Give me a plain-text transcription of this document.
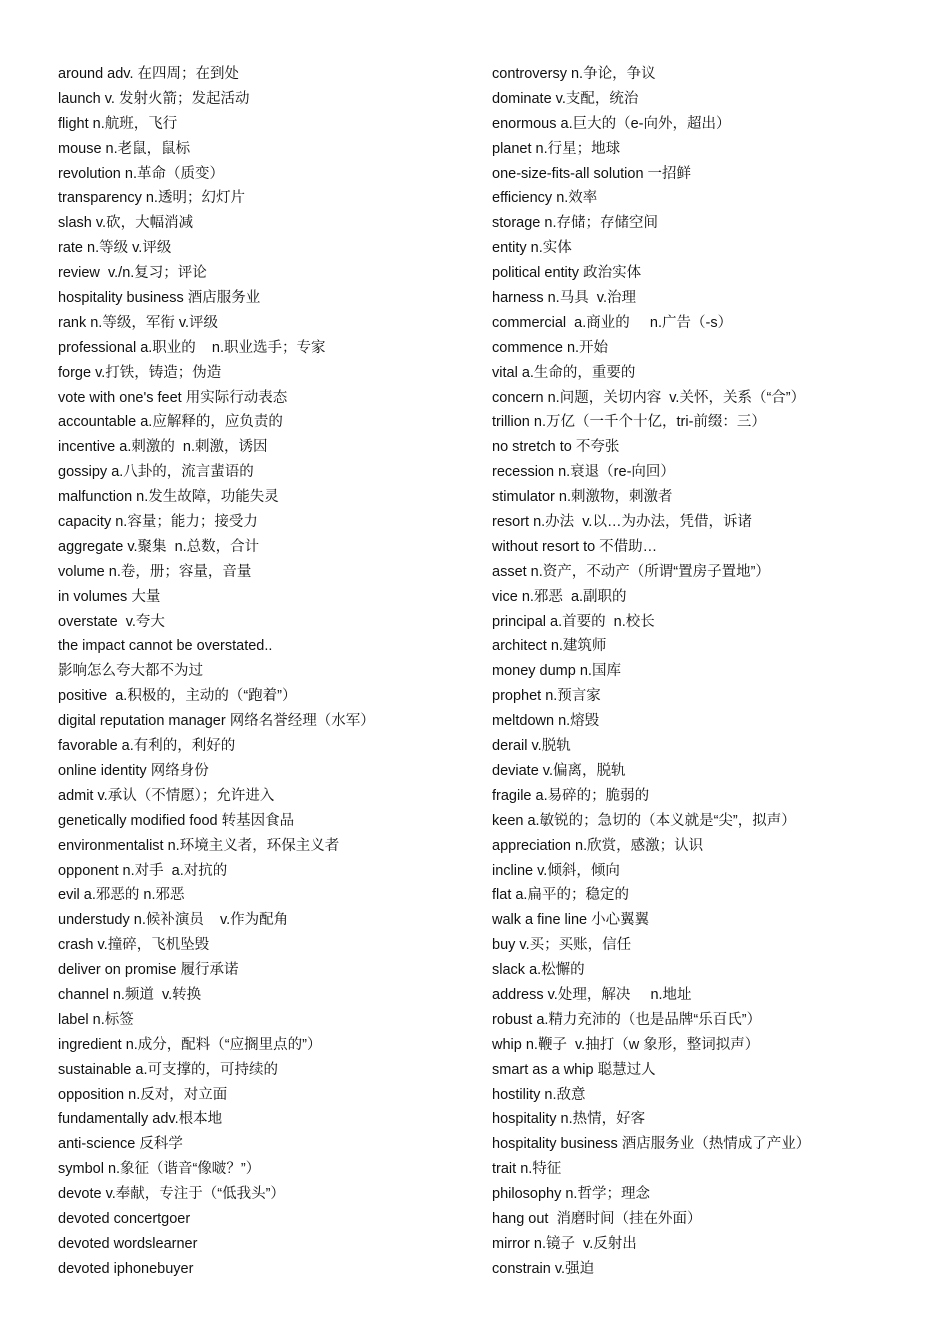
around adv. 在四周；在到处
launch v. 发射火箭；发起活动
flight n.航班，飞行
mouse n.老鼠，鼠标
revolution n.革命（质变）
transparency n.透明；幻灯片
slash v.砍，大幅消减
rate n.等级 v.评级
review  v./n.复习；评论
hospitality business 酒店服务业
rank n.等级，军衔 v.评级
professional a.职业的    n.职业选手；专家
forge v.打铁，铸造；伪造
vote with one's feet 用实际行动表态
accountable a.应解释的，应负责的
incentive a.刺激的  n.刺激，诱因
gossipy a.八卦的，流言蜚语的
malfunction n.发生故障，功能失灵
capacity n.容量；能力；接受力
aggregate v.聚集  n.总数，合计
volume n.卷，册；容量，音量
in volumes 大量
overstate  v.夸大
the impact cannot be overstated..
影响怎么夸大都不为过
positive  a.积极的，主动的（“跑着”）
digital reputation manager 网络名誉经理（水军）
favorable a.有利的，利好的
online identity 网络身份
admit v.承认（不情愿）；允许进入
genetically modified food 转基因食品
environmentalist n.环境主义者，环保主义者
opponent n.对手  a.对抗的
evil a.邪恶的 n.邪恶
understudy n.候补演员    v.作为配角
crash v.撞碎，飞机坠毁
deliver on promise 履行承诺
channel n.频道  v.转换
label n.标签
ingredient n.成分，配料（“应搁里点的”）
sustainable a.可支撑的，可持续的
opposition n.反对，对立面
fundamentally adv.根本地
anti-science 反科学
symbol n.象征（谐音“像啵？”）
devote v.奉献，专注于（“低我头”）
devoted concertgoer
devoted wordslearner
devoted iphonebuyer
controversy n.争论，争议
dominate v.支配，统治
enormous a.巨大的（e-向外，超出）
planet n.行星；地球
one-size-fits-all solution 一招鲜
efficiency n.效率
storage n.存储；存储空间
entity n.实体
political entity 政治实体
harness n.马具  v.治理
commercial  a.商业的     n.广告（-s）
commence n.开始
vital a.生命的，重要的
concern n.问题，关切内容  v.关怀，关系（“合”）
trillion n.万亿（一千个十亿，tri-前缀：三）
no stretch to 不夸张
recession n.衰退（re-向回）
stimulator n.刺激物，刺激者
resort n.办法  v.以…为办法，凭借，诉诸
without resort to 不借助…
asset n.资产，不动产（所谓“置房子置地”）
vice n.邪恶  a.副职的
principal a.首要的  n.校长
architect n.建筑师
money dump n.国库
prophet n.预言家
meltdown n.熔毁
derail v.脱轨
deviate v.偏离，脱轨
fragile a.易碎的；脆弱的
keen a.敏锐的；急切的（本义就是“尖”，拟声）
appreciation n.欣赏，感激；认识
incline v.倾斜，倾向
flat a.扁平的；稳定的
walk a fine line 小心翼翼
buy v.买；买账，信任
slack a.松懈的
address v.处理，解决     n.地址
robust a.精力充沛的（也是品牌“乐百氏”）
whip n.鞭子  v.抽打（w 象形，整词拟声）
smart as a whip 聪慧过人
hostility n.敌意
hospitality n.热情，好客
hospitality business 酒店服务业（热情成了产业）
trait n.特征
philosophy n.哲学；理念
hang out  消磨时间（挂在外面）
mirror n.镜子  v.反射出
constrain v.强迫
